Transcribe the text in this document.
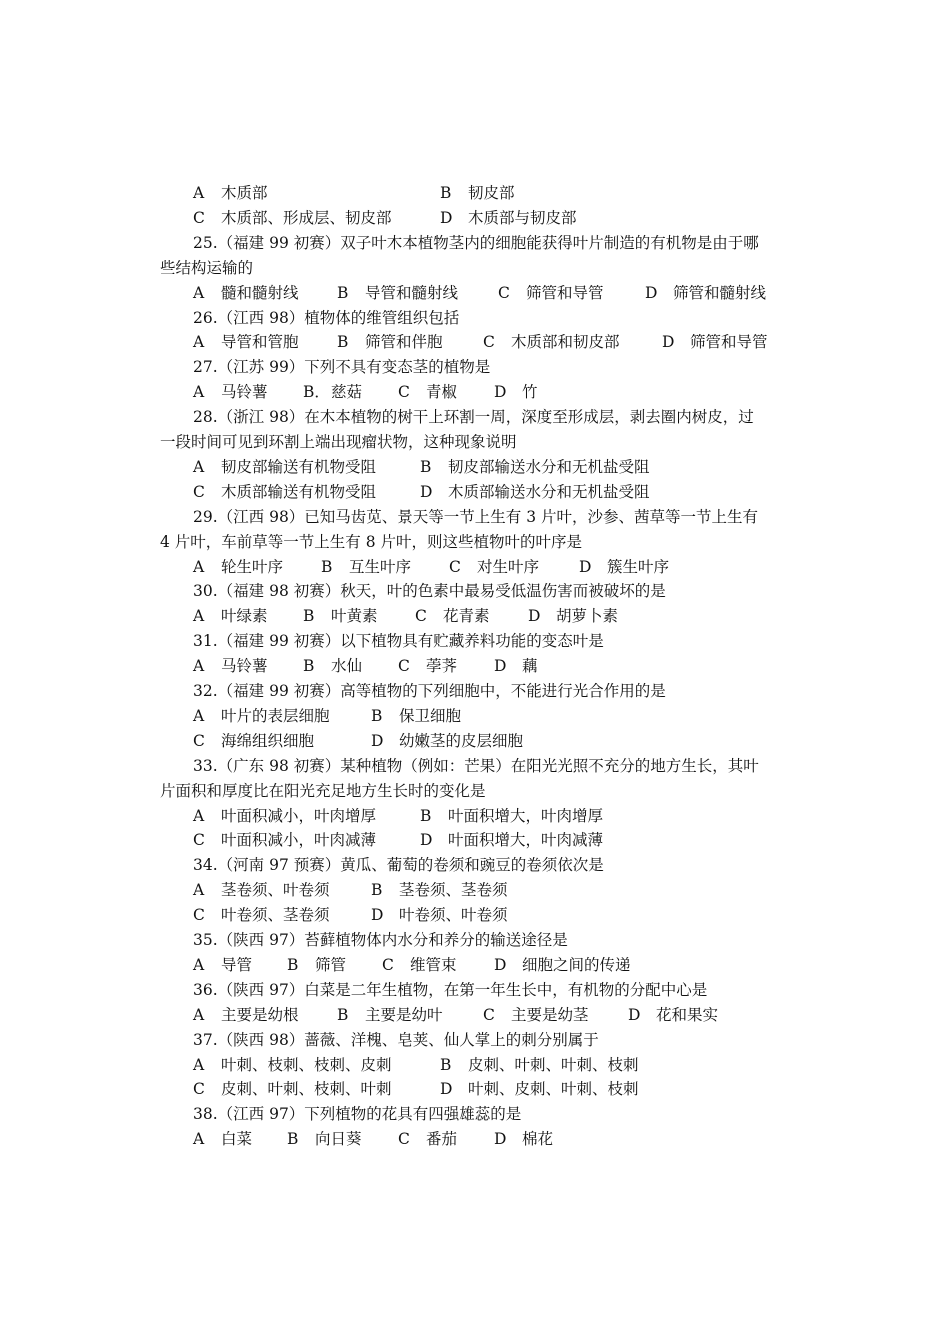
A 木质部	B 韧皮部
C 木质部、形成层、韧皮部	D 木质部与韧皮部
25.（福建 99 初赛）双子叶木本植物茎内的细胞能获得叶片制造的有机物是由于哪
些结构运输的
A 髓和髓射线 B 导管和髓射线	C 筛管和导管	D 筛管和髓射线
26.（江西 98）植物体的维管组织包括
A 导管和管胞 B 筛管和伴胞	C 木质部和韧皮部	D 筛管和导管
27.（江苏 99）下列不具有变态茎的植物是
A 马铃薯 B．慈菇 C 青椒 D 竹
28.（浙江 98）在木本植物的树干上环割一周，深度至形成层，剥去圈内树皮，过
一段时间可见到环割上端出现瘤状物，这种现象说明
A 韧皮部输送有机物受阻	B 韧皮部输送水分和无机盐受阻
C 木质部输送有机物受阻	D 木质部输送水分和无机盐受阻
29.（江西 98）已知马齿苋、景天等一节上生有 3 片叶，沙参、茜草等一节上生有
4 片叶，车前草等一节上生有 8 片叶，则这些植物叶的叶序是
A 轮生叶序 B 互生叶序 C 对生叶序	D 簇生叶序
30.（福建 98 初赛）秋天，叶的色素中最易受低温伤害而被破坏的是
A 叶绿素 B 叶黄素 C 花青素 D 胡萝卜素
31.（福建 99 初赛）以下植物具有贮藏养料功能的变态叶是
A 马铃薯 B 水仙 C 荸荠 D 藕
32.（福建 99 初赛）高等植物的下列细胞中，不能进行光合作用的是
A 叶片的表层细胞	B 保卫细胞
C 海绵组织细胞	D 幼嫩茎的皮层细胞
33.（广东 98 初赛）某种植物（例如：芒果）在阳光光照不充分的地方生长，其叶
片面积和厚度比在阳光充足地方生长时的变化是
A 叶面积减小，叶肉增厚	B 叶面积增大，叶肉增厚
C 叶面积减小，叶肉减薄	D 叶面积增大，叶肉减薄
34.（河南 97 预赛）黄瓜、葡萄的卷须和豌豆的卷须依次是
A 茎卷须、叶卷须	B 茎卷须、茎卷须
C 叶卷须、茎卷须	D 叶卷须、叶卷须
35.（陕西 97）苔藓植物体内水分和养分的输送途径是
A 导管 B 筛管 C 维管束 D 细胞之间的传递
36.（陕西 97）白菜是二年生植物，在第一年生长中，有机物的分配中心是
A 主要是幼根 B 主要是幼叶	C 主要是幼茎	D 花和果实
37.（陕西 98）蔷薇、洋槐、皂荚、仙人掌上的刺分别属于
A 叶刺、枝刺、枝刺、皮刺	B 皮刺、叶刺、叶刺、枝刺
C 皮刺、叶刺、枝刺、叶刺	D 叶刺、皮刺、叶刺、枝刺
38.（江西 97）下列植物的花具有四强雄蕊的是
A 白菜 B 向日葵 C 番茄 D 棉花
